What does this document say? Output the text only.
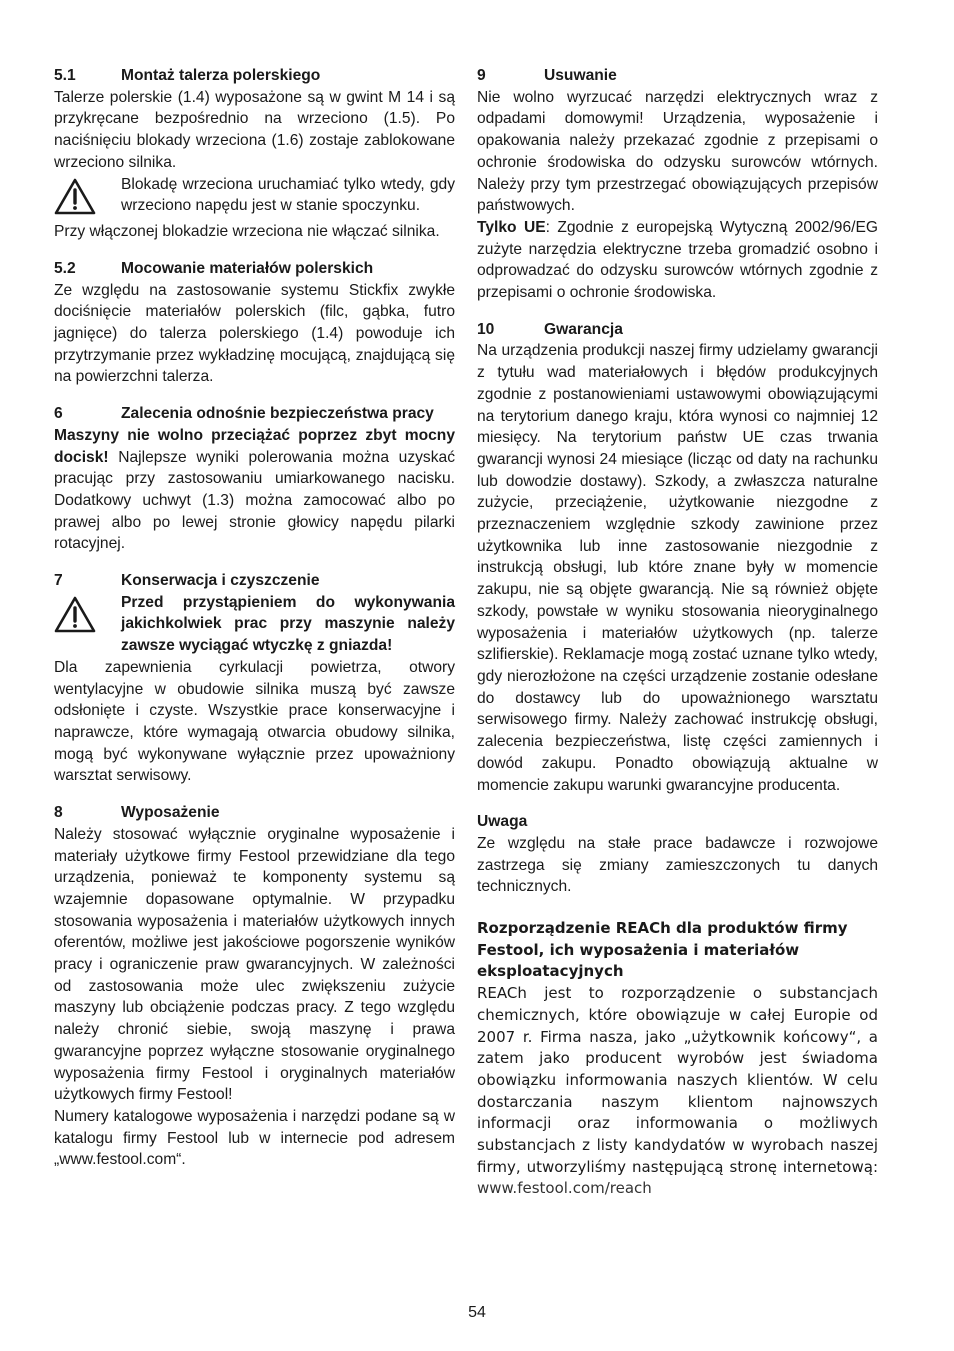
5.1	Montaż talerza polerskiego

Talerze polerskie (1.4) wyposażone są w gwint M 14 i są przykręcane bezpośrednio na wrzeciono (1.5). Po naciśnięciu blokady wrzeciona (1.6) zostaje zablokowane wrzeciono silnika.

Blokadę wrzeciona uruchamiać tylko wtedy, gdy wrzeciono napędu jest w stanie spoczynku.

Przy włączonej blokadzie wrzeciona nie włączać silnika.

5.2	Mocowanie materiałów polerskich

Ze względu na zastosowanie systemu Stickfix zwykłe dociśnięcie materiałów polerskich (filc, gąbka, futro jagnięce) do talerza polerskiego (1.4) powoduje ich przytrzymanie przez wykładzinę mocującą, znajdującą się na powierzchni talerza.

6	Zalecenia odnośnie bezpieczeństwa pracy

Maszyny nie wolno przeciążać poprzez zbyt mocny docisk! Najlepsze wyniki polerowania można uzyskać pracując przy zastosowaniu umiarkowanego nacisku. Dodatkowy uchwyt (1.3) można zamocować albo po prawej albo po lewej stronie głowicy napędu pilarki rotacyjnej.

7	Konserwacja i czyszczenie
Przed przystąpieniem do wykonywania jakichkolwiek prac przy maszynie należy zawsze wyciągać wtyczkę z gniazda!

Dla zapewnienia cyrkulacji powietrza, otwory wentylacyjne w obudowie silnika muszą być zawsze odsłonięte i czyste. Wszystkie prace konserwacyjne i naprawcze, które wymagają otwarcia obudowy silnika, mogą być wykonywane wyłącznie przez upoważniony warsztat serwisowy.

8	Wyposażenie

Należy stosować wyłącznie oryginalne wyposażenie i materiały użytkowe firmy Festool przewidziane dla tego urządzenia, ponieważ te komponenty systemu są wzajemnie dopasowane optymalnie. W przypadku stosowania wyposażenia i materiałów użytkowych innych oferentów, możliwe jest jakościowe pogorszenie wyników pracy i ograniczenie praw gwarancyjnych. W zależności od zastosowania może ulec zwiększeniu zużycie maszyny lub obciążenie podczas pracy. Z tego względu należy chronić siebie, swoją maszynę i prawa gwarancyjne poprzez wyłączne stosowanie oryginalnego wyposażenia firmy Festool i oryginalnych materiałów użytkowych firmy Festool!

Numery katalogowe wyposażenia i narzędzi podane są w katalogu firmy Festool lub w internecie pod adresem „www.festool.com“.

9	Usuwanie

Nie wolno wyrzucać narzędzi elektrycznych wraz z odpadami domowymi! Urządzenia, wyposażenie i opakowania należy przekazać zgodnie z przepisami o ochronie środowiska do odzysku surowców wtórnych. Należy przy tym przestrzegać obowiązujących przepisów państwowych.

Tylko UE: Zgodnie z europejską Wytyczną 2002/96/EG zużyte narzędzia elektryczne trzeba gromadzić osobno i odprowadzać do odzysku surowców wtórnych zgodnie z przepisami o ochronie środowiska.

10	Gwarancja

Na urządzenia produkcji naszej firmy udzielamy gwarancji z tytułu wad materiałowych i błędów produkcyjnych zgodnie z postanowieniami ustawowymi obowiązującymi na terytorium danego kraju, która wynosi co najmniej 12 miesięcy. Na terytorium państw UE czas trwania gwarancji wynosi 24 miesiące (licząc od daty na rachunku lub dowodzie dostawy). Szkody, a zwłaszcza naturalne zużycie, przeciążenie, użytkowanie niezgodne z przeznaczeniem względnie szkody zawinione przez użytkownika lub inne zastosowanie niezgodnie z instrukcją obsługi, lub które znane były w momencie zakupu, nie są objęte gwarancją. Nie są również objęte szkody, powstałe w wyniku stosowania nieoryginalnego wyposażenia i materiałów użytkowych (np. talerze szlifierskie). Reklamacje mogą zostać uznane tylko wtedy, gdy nierozłożone na części urządzenie zostanie odesłane do dostawcy lub do upoważnionego warsztatu serwisowego firmy. Należy zachować instrukcję obsługi, zalecenia bezpieczeństwa, listę części zamiennych i dowód zakupu. Ponadto obowiązują aktualne w momencie zakupu warunki gwarancyjne producenta.

Uwaga

Ze względu na stałe prace badawcze i rozwojowe zastrzega się zmiany zamieszczonych tu danych technicznych.

Rozporządzenie REACh dla produktów firmy Festool, ich wyposażenia i materiałów eksploatacyjnych

REACh jest to rozporządzenie o substancjach chemicznych, które obowiązuje w całej Europie od 2007 r. Firma nasza, jako „użytkownik końcowy“, a zatem jako producent wyrobów jest świadoma obowiązku informowania naszych klientów. W celu dostarczania naszym klientom najnowszych informacji oraz informowania o możliwych substancjach z listy kandydatów w wyrobach naszej firmy, utworzyliśmy następującą stronę internetową: www.festool.com/reach

54
